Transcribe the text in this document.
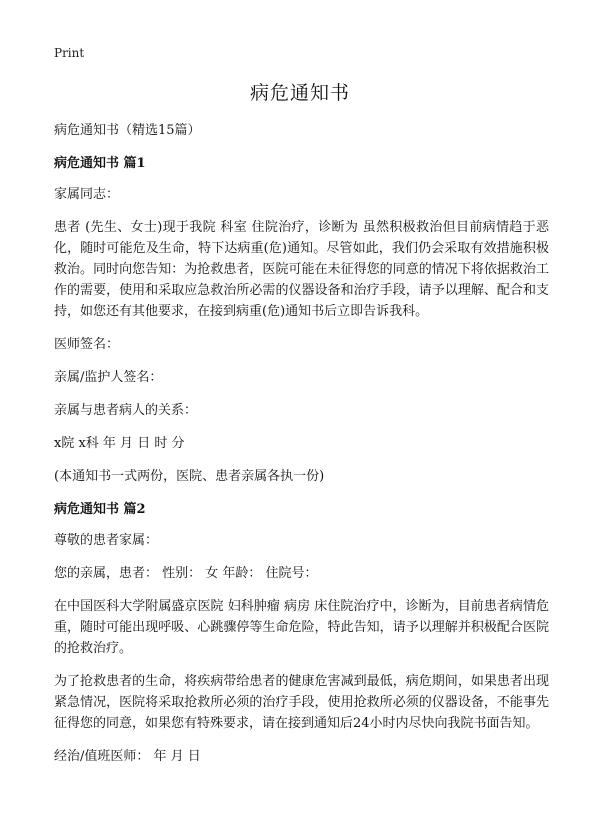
Print
病危通知书

病危通知书（精选15篇）

病危通知书 篇1

家属同志：

患者 (先生、女士)现于我院 科室 住院治疗，诊断为 虽然积极救治但目前病情趋于恶化，随时可能危及生命，特下达病重(危)通知。尽管如此，我们仍会采取有效措施积极救治。同时向您告知：为抢救患者，医院可能在未征得您的同意的情况下将依据救治工作的需要，使用和采取应急救治所必需的仪器设备和治疗手段，请予以理解、配合和支持，如您还有其他要求，在接到病重(危)通知书后立即告诉我科。

医师签名：

亲属/监护人签名：

亲属与患者病人的关系：

x院 x科 年 月 日 时 分

(本通知书一式两份，医院、患者亲属各执一份)

病危通知书 篇2

尊敬的患者家属：

您的亲属，患者： 性别： 女 年龄： 住院号：

在中国医科大学附属盛京医院 妇科肿瘤 病房 床住院治疗中，诊断为，目前患者病情危重，随时可能出现呼吸、心跳骤停等生命危险，特此告知，请予以理解并积极配合医院的抢救治疗。

为了抢救患者的生命，将疾病带给患者的健康危害减到最低，病危期间，如果患者出现紧急情况，医院将采取抢救所必须的治疗手段，使用抢救所必须的仪器设备，不能事先征得您的同意，如果您有特殊要求，请在接到通知后24小时内尽快向我院书面告知。

经治/值班医师： 年 月 日
